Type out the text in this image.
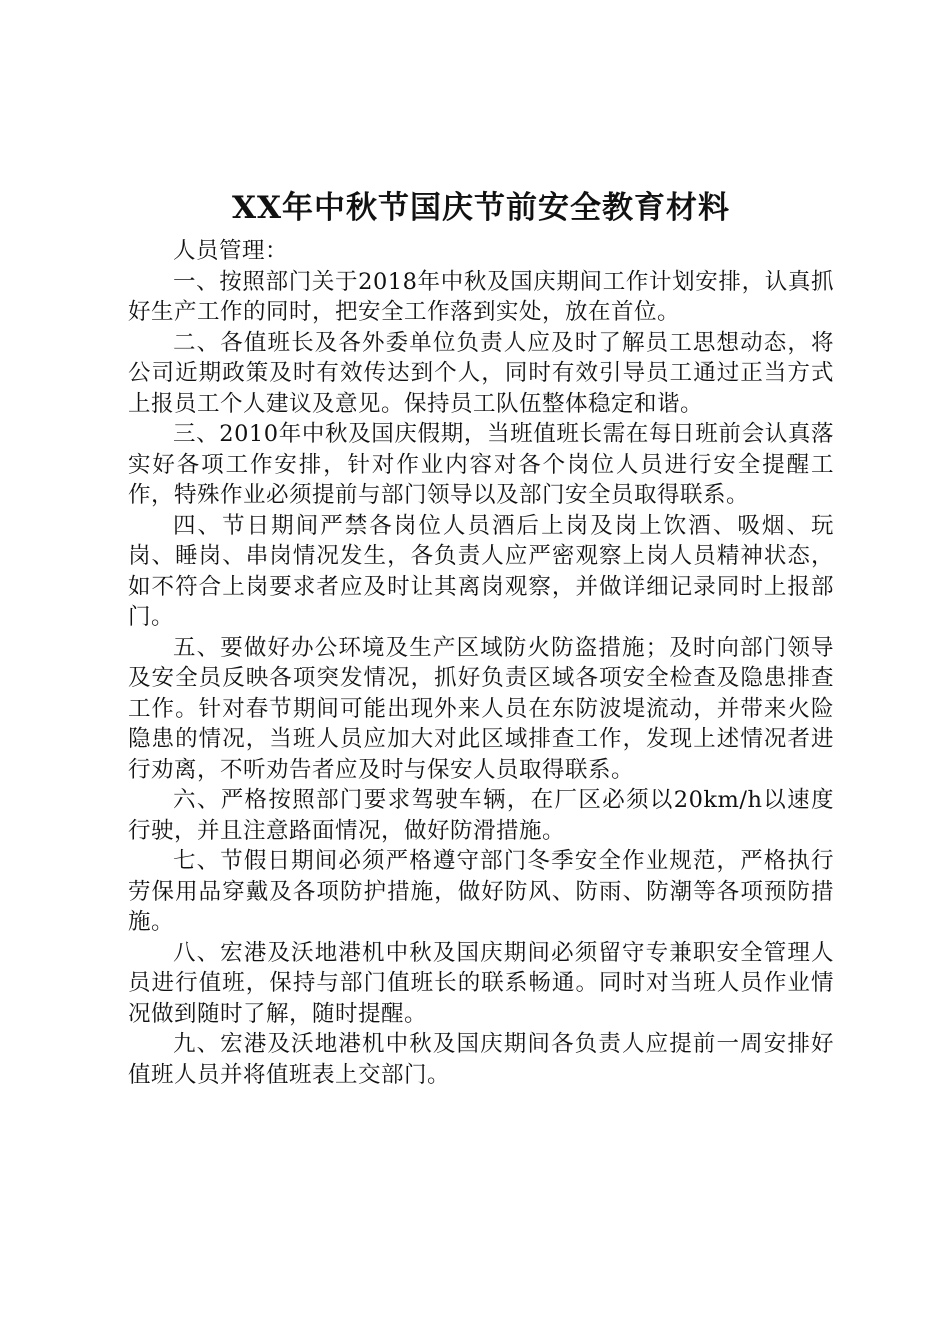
XX年中秋节国庆节前安全教育材料

人员管理：

一、按照部门关于2018年中秋及国庆期间工作计划安排，认真抓好生产工作的同时，把安全工作落到实处，放在首位。

二、各值班长及各外委单位负责人应及时了解员工思想动态，将公司近期政策及时有效传达到个人，同时有效引导员工通过正当方式上报员工个人建议及意见。保持员工队伍整体稳定和谐。

三、2010年中秋及国庆假期，当班值班长需在每日班前会认真落实好各项工作安排，针对作业内容对各个岗位人员进行安全提醒工作，特殊作业必须提前与部门领导以及部门安全员取得联系。

四、节日期间严禁各岗位人员酒后上岗及岗上饮酒、吸烟、玩岗、睡岗、串岗情况发生，各负责人应严密观察上岗人员精神状态，如不符合上岗要求者应及时让其离岗观察，并做详细记录同时上报部门。

五、要做好办公环境及生产区域防火防盗措施；及时向部门领导及安全员反映各项突发情况，抓好负责区域各项安全检查及隐患排查工作。针对春节期间可能出现外来人员在东防波堤流动，并带来火险隐患的情况，当班人员应加大对此区域排查工作，发现上述情况者进行劝离，不听劝告者应及时与保安人员取得联系。

六、严格按照部门要求驾驶车辆，在厂区必须以20km/h以速度行驶，并且注意路面情况，做好防滑措施。

七、节假日期间必须严格遵守部门冬季安全作业规范，严格执行劳保用品穿戴及各项防护措施，做好防风、防雨、防潮等各项预防措施。

八、宏港及沃地港机中秋及国庆期间必须留守专兼职安全管理人员进行值班，保持与部门值班长的联系畅通。同时对当班人员作业情况做到随时了解，随时提醒。

九、宏港及沃地港机中秋及国庆期间各负责人应提前一周安排好值班人员并将值班表上交部门。
